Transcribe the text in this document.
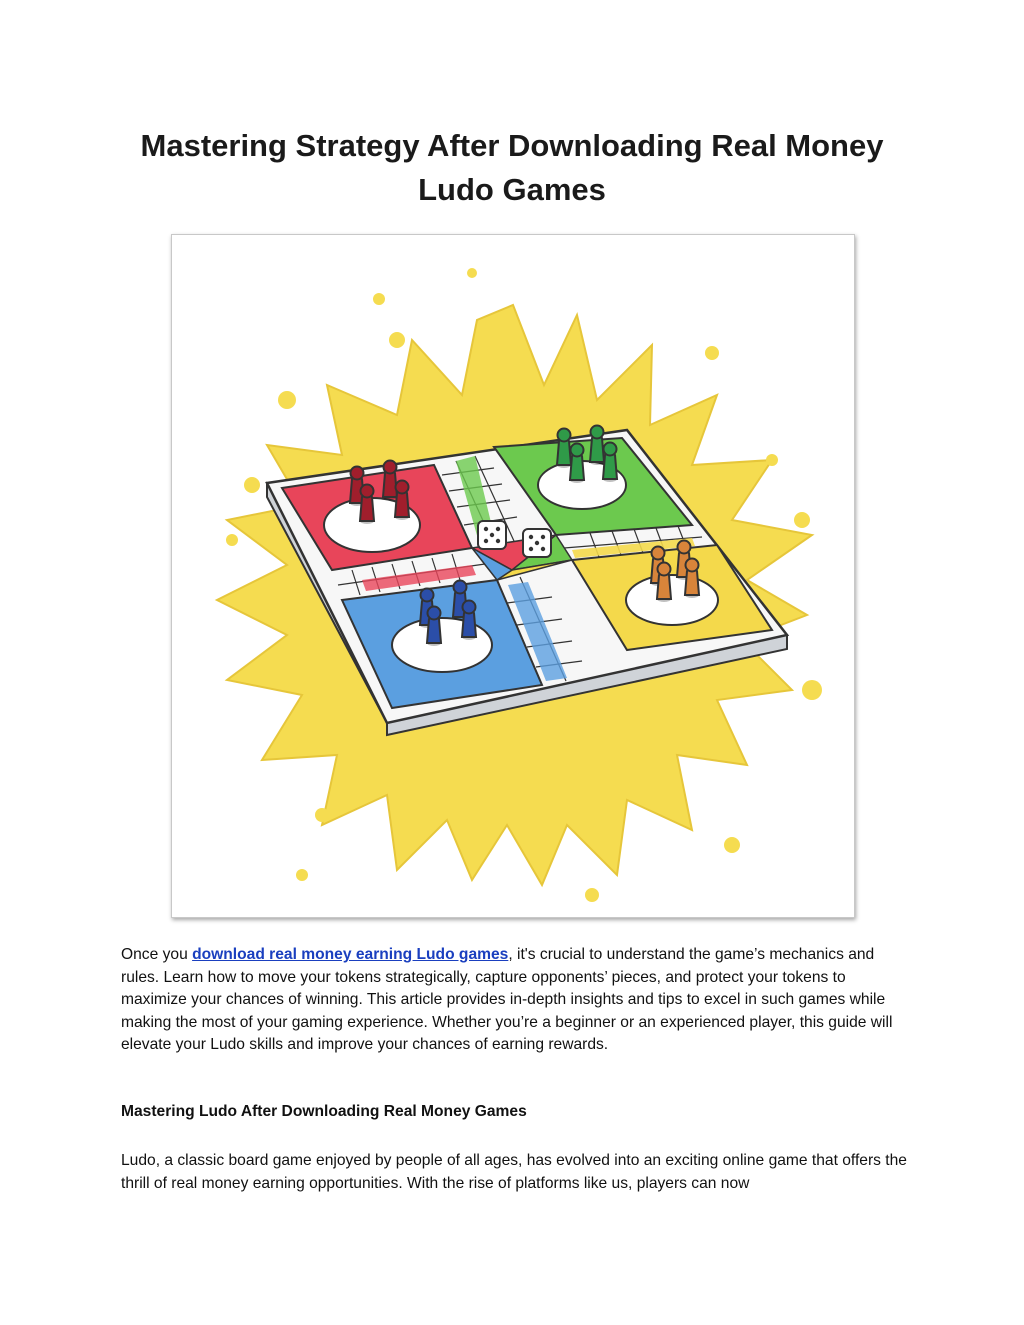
Mastering Strategy After Downloading Real Money
Ludo Games

Once you download real money earning Ludo games, it's crucial to understand the game’s mechanics and rules. Learn how to move your tokens strategically, capture opponents’ pieces, and protect your tokens to maximize your chances of winning. This article provides in-depth insights and tips to excel in such games while making the most of your gaming experience. Whether you’re a beginner or an experienced player, this guide will elevate your Ludo skills and improve your chances of earning rewards.

Mastering Ludo After Downloading Real Money Games

Ludo, a classic board game enjoyed by people of all ages, has evolved into an exciting online game that offers the thrill of real money earning opportunities. With the rise of platforms like us, players can now
